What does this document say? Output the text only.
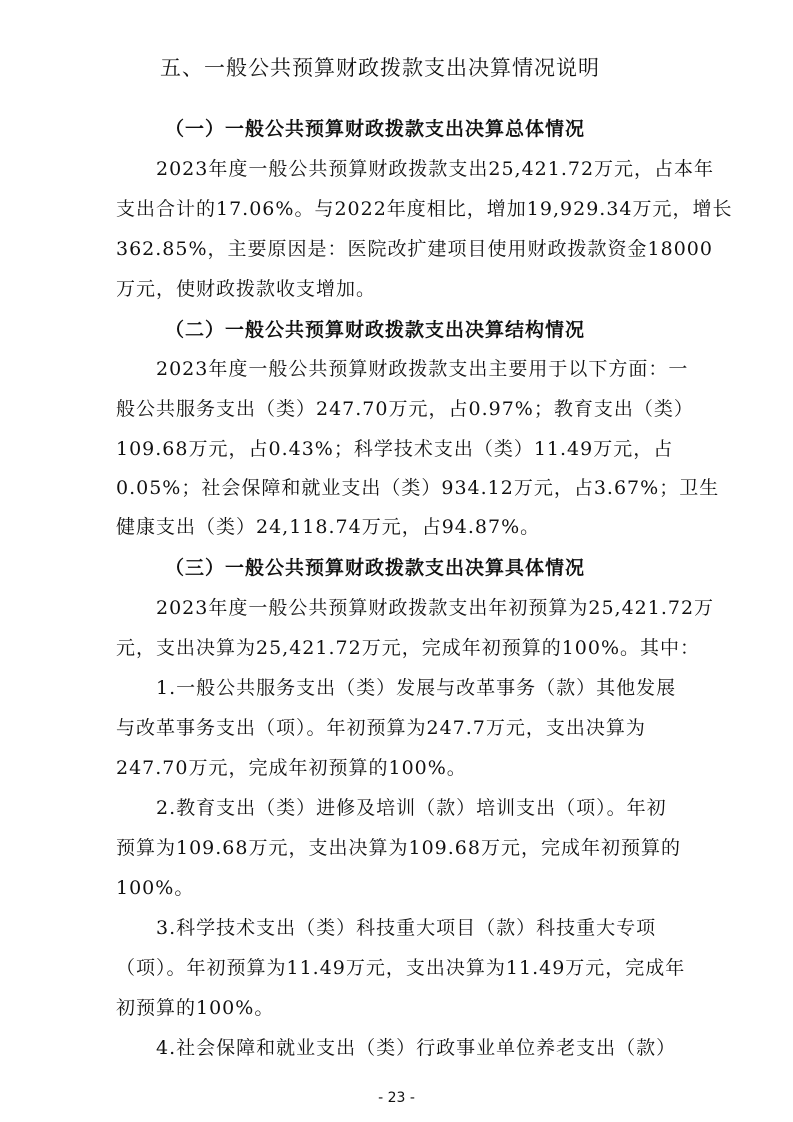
五、一般公共预算财政拨款支出决算情况说明
（一）一般公共预算财政拨款支出决算总体情况
2023年度一般公共预算财政拨款支出25,421.72万元，占本年
支出合计的17.06%。与2022年度相比，增加19,929.34万元，增长
362.85%，主要原因是：医院改扩建项目使用财政拨款资金18000
万元，使财政拨款收支增加。
（二）一般公共预算财政拨款支出决算结构情况
2023年度一般公共预算财政拨款支出主要用于以下方面：一
般公共服务支出（类）247.70万元，占0.97%；教育支出（类）
109.68万元，占0.43%；科学技术支出（类）11.49万元，占
0.05%；社会保障和就业支出（类）934.12万元，占3.67%；卫生
健康支出（类）24,118.74万元，占94.87%。
（三）一般公共预算财政拨款支出决算具体情况
2023年度一般公共预算财政拨款支出年初预算为25,421.72万
元，支出决算为25,421.72万元，完成年初预算的100%。其中：
1.一般公共服务支出（类）发展与改革事务（款）其他发展
与改革事务支出（项）。年初预算为247.7万元，支出决算为
247.70万元，完成年初预算的100%。
2.教育支出（类）进修及培训（款）培训支出（项）。年初
预算为109.68万元，支出决算为109.68万元，完成年初预算的
100%。
3.科学技术支出（类）科技重大项目（款）科技重大专项
（项）。年初预算为11.49万元，支出决算为11.49万元，完成年
初预算的100%。
4.社会保障和就业支出（类）行政事业单位养老支出（款）
- 23 -
